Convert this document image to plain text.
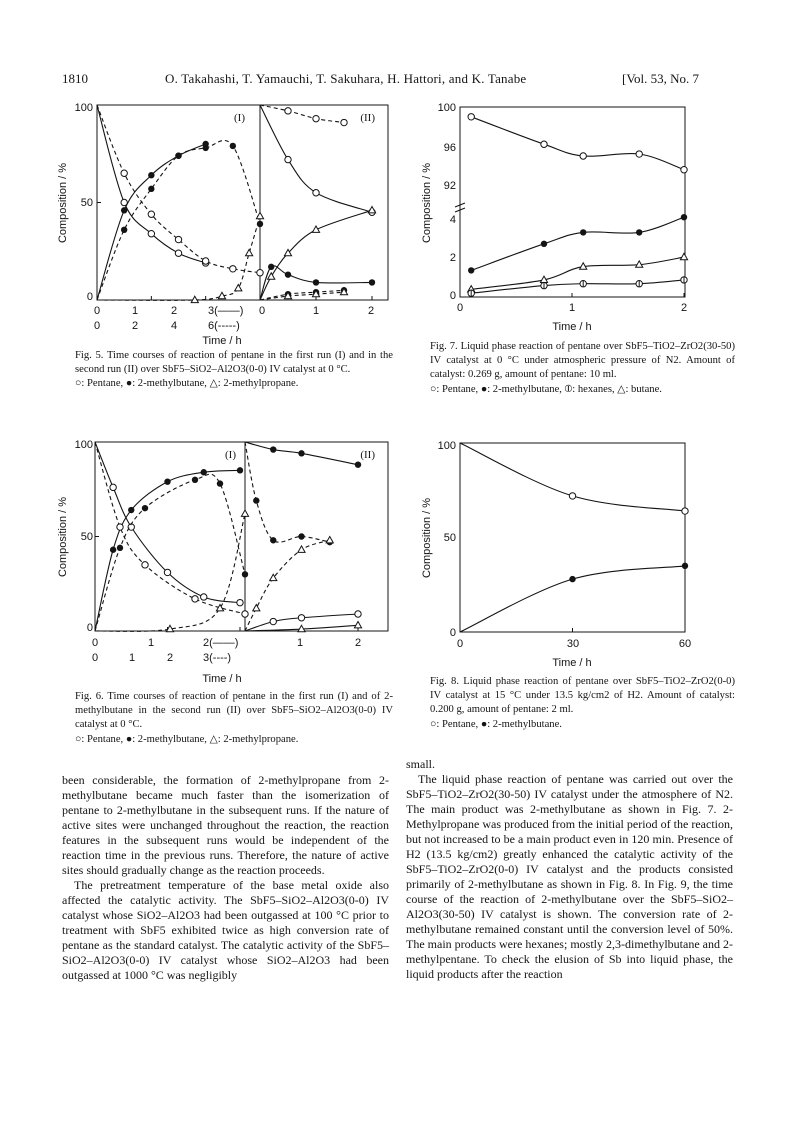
1810	O. Takahashi, T. Yamauchi, T. Sakuhara, H. Hattori, and K. Tanabe	[Vol. 53, No. 7
100
50
0
Composition / %
(I)	(II)
0	1	2	3(——)
0	2	4	6(-----)
0	1	2
Time / h
Fig. 5. Time courses of reaction of pentane in the first run (I) and in the second run (II) over SbF5–SiO2–Al2O3(0-0) IV catalyst at 0 °C.
○: Pentane, ●: 2-methylbutane, △: 2-methylpropane.
100
50
0
Composition / %
(I)	(II)
0	1	2(——)
0	1	2	3(----)
1	2
Time / h
Fig. 6. Time courses of reaction of pentane in the first run (I) and of 2-methylbutane in the second run (II) over SbF5–SiO2–Al2O3(0-0) IV catalyst at 0 °C.
○: Pentane, ●: 2-methylbutane, △: 2-methylpropane.
100
96
92
4
2
0
Composition / %
0	1	2
Time / h
Fig. 7. Liquid phase reaction of pentane over SbF5–TiO2–ZrO2(30-50) IV catalyst at 0 °C under atmospheric pressure of N2. Amount of catalyst: 0.269 g, amount of pentane: 10 ml.
○: Pentane, ●: 2-methylbutane, ⦶: hexanes, △: butane.
100
50
0
Composition / %
0	30	60
Time / h
Fig. 8. Liquid phase reaction of pentane over SbF5–TiO2–ZrO2(0-0) IV catalyst at 15 °C under 13.5 kg/cm2 of H2. Amount of catalyst: 0.200 g, amount of pentane: 2 ml.
○: Pentane, ●: 2-methylbutane.

been considerable, the formation of 2-methylpropane from 2-methylbutane became much faster than the isomerization of pentane to 2-methylbutane in the subsequent runs. If the nature of active sites were unchanged throughout the reaction, the reaction features in the subsequent runs would be independent of the reaction time in the previous runs. Therefore, the nature of active sites should gradually change as the reaction proceeds.

The pretreatment temperature of the base metal oxide also affected the catalytic activity. The SbF5–SiO2–Al2O3(0-0) IV catalyst whose SiO2–Al2O3 had been outgassed at 100 °C prior to treatment with SbF5 exhibited twice as high conversion rate of pentane as the standard catalyst. The catalytic activity of the SbF5–SiO2–Al2O3(0-0) IV catalyst whose SiO2–Al2O3 had been outgassed at 1000 °C was negligibly

small.

The liquid phase reaction of pentane was carried out over the SbF5–TiO2–ZrO2(30-50) IV catalyst under the atmosphere of N2. The main product was 2-methylbutane as shown in Fig. 7. 2-Methylpropane was produced from the initial period of the reaction, but not increased to be a main product even in 120 min. Presence of H2 (13.5 kg/cm2) greatly enhanced the catalytic activity of the SbF5–TiO2–ZrO2(0-0) IV catalyst and the products consisted primarily of 2-methylbutane as shown in Fig. 8. In Fig. 9, the time course of the reaction of 2-methylbutane over the SbF5–SiO2–Al2O3(30-50) IV catalyst is shown. The conversion rate of 2-methylbutane remained constant until the conversion level of 50%. The main products were hexanes; mostly 2,3-dimethylbutane and 2-methylpentane. To check the elusion of Sb into liquid phase, the liquid products after the reaction
